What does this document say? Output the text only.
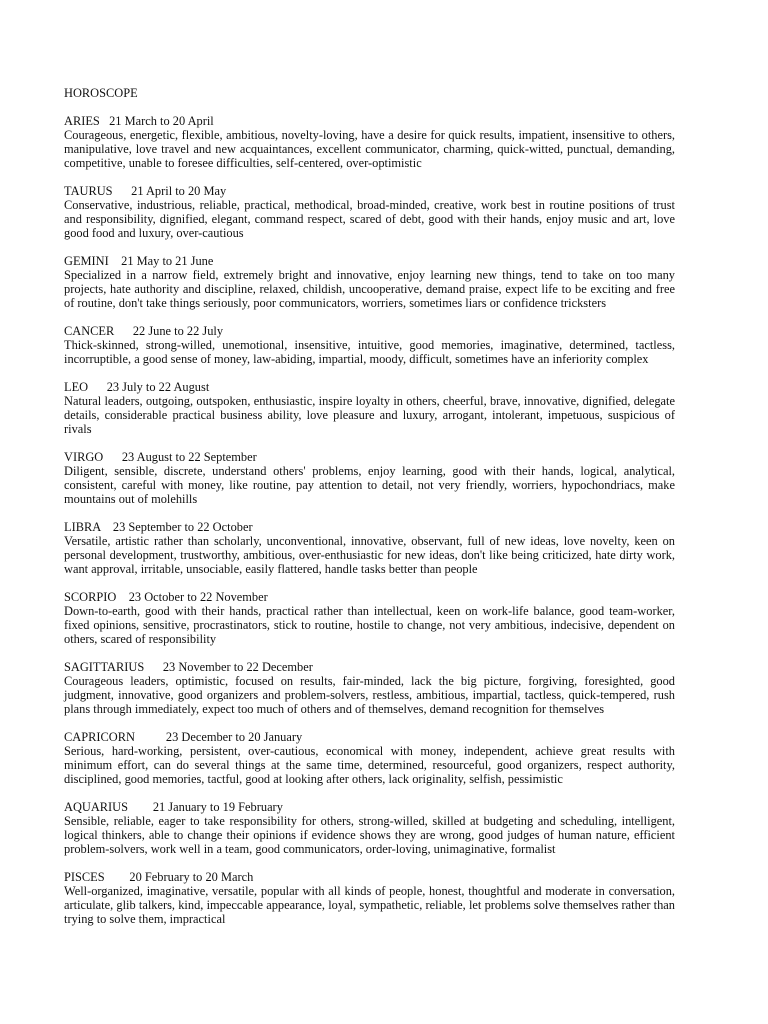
HOROSCOPE
ARIES 21 March to 20 April
Courageous, energetic, flexible, ambitious, novelty-loving, have a desire for quick results, impatient, insensitive to others, manipulative, love travel and new acquaintances, excellent communicator, charming, quick-witted, punctual, demanding, competitive, unable to foresee difficulties, self-centered, over-optimistic
TAURUS 21 April to 20 May
Conservative, industrious, reliable, practical, methodical, broad-minded, creative, work best in routine positions of trust and responsibility, dignified, elegant, command respect, scared of debt, good with their hands, enjoy music and art, love good food and luxury, over-cautious
GEMINI 21 May to 21 June
Specialized in a narrow field, extremely bright and innovative, enjoy learning new things, tend to take on too many projects, hate authority and discipline, relaxed, childish, uncooperative, demand praise, expect life to be exciting and free of routine, don't take things seriously, poor communicators, worriers, sometimes liars or confidence tricksters
CANCER 22 June to 22 July
Thick-skinned, strong-willed, unemotional, insensitive, intuitive, good memories, imaginative, determined, tactless, incorruptible, a good sense of money, law-abiding, impartial, moody, difficult, sometimes have an inferiority complex
LEO 23 July to 22 August
Natural leaders, outgoing, outspoken, enthusiastic, inspire loyalty in others, cheerful, brave, innovative, dignified, delegate details, considerable practical business ability, love pleasure and luxury, arrogant, intolerant, impetuous, suspicious of rivals
VIRGO 23 August to 22 September
Diligent, sensible, discrete, understand others' problems, enjoy learning, good with their hands, logical, analytical, consistent, careful with money, like routine, pay attention to detail, not very friendly, worriers, hypochondriacs, make mountains out of molehills
LIBRA 23 September to 22 October
Versatile, artistic rather than scholarly, unconventional, innovative, observant, full of new ideas, love novelty, keen on personal development, trustworthy, ambitious, over-enthusiastic for new ideas, don't like being criticized, hate dirty work, want approval, irritable, unsociable, easily flattered, handle tasks better than people
SCORPIO 23 October to 22 November
Down-to-earth, good with their hands, practical rather than intellectual, keen on work-life balance, good team-worker, fixed opinions, sensitive, procrastinators, stick to routine, hostile to change, not very ambitious, indecisive, dependent on others, scared of responsibility
SAGITTARIUS 23 November to 22 December
Courageous leaders, optimistic, focused on results, fair-minded, lack the big picture, forgiving, foresighted, good judgment, innovative, good organizers and problem-solvers, restless, ambitious, impartial, tactless, quick-tempered, rush plans through immediately, expect too much of others and of themselves, demand recognition for themselves
CAPRICORN 23 December to 20 January
Serious, hard-working, persistent, over-cautious, economical with money, independent, achieve great results with minimum effort, can do several things at the same time, determined, resourceful, good organizers, respect authority, disciplined, good memories, tactful, good at looking after others, lack originality, selfish, pessimistic
AQUARIUS 21 January to 19 February
Sensible, reliable, eager to take responsibility for others, strong-willed, skilled at budgeting and scheduling, intelligent, logical thinkers, able to change their opinions if evidence shows they are wrong, good judges of human nature, efficient problem-solvers, work well in a team, good communicators, order-loving, unimaginative, formalist
PISCES 20 February to 20 March
Well-organized, imaginative, versatile, popular with all kinds of people, honest, thoughtful and moderate in conversation, articulate, glib talkers, kind, impeccable appearance, loyal, sympathetic, reliable, let problems solve themselves rather than trying to solve them, impractical
